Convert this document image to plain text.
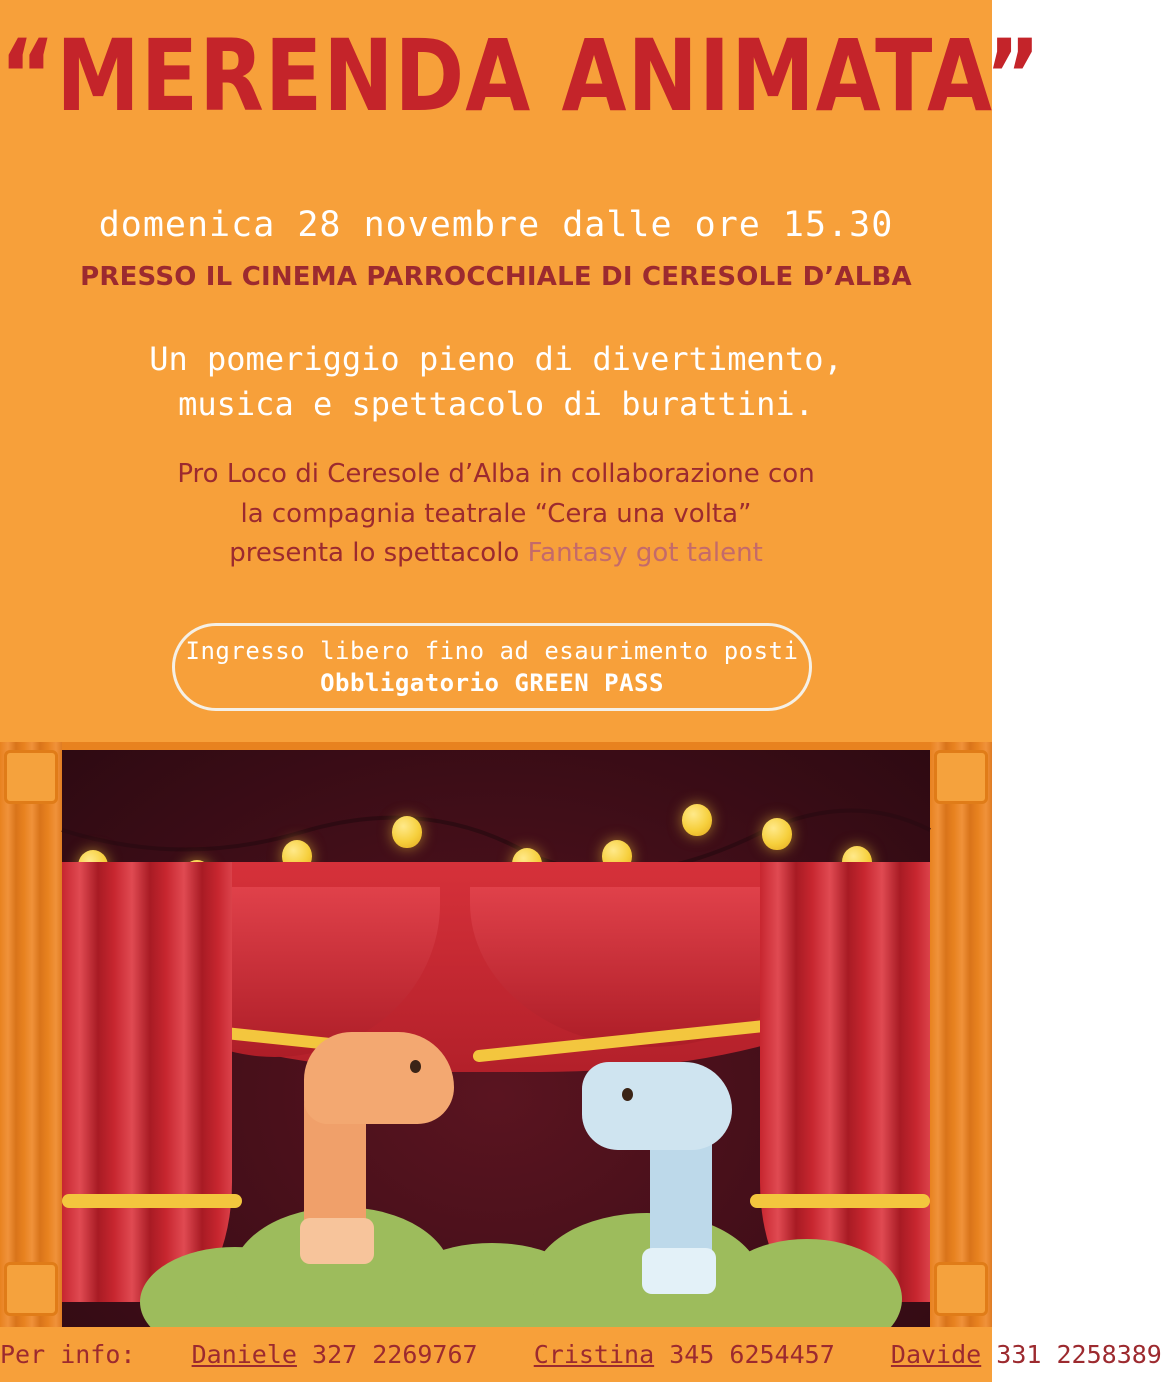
“MERENDA ANIMATA”
domenica 28 novembre dalle ore 15.30
PRESSO IL CINEMA PARROCCHIALE DI CERESOLE D’ALBA
Un pomeriggio pieno di divertimento,
musica e spettacolo di burattini.
Pro Loco di Ceresole d’Alba in collaborazione con
la compagnia teatrale “Cera una volta”
presenta lo spettacolo Fantasy got talent
Ingresso libero fino ad esaurimento posti
Obbligatorio GREEN PASS
Per info: Daniele 327 2269767 Cristina 345 6254457 Davide 331 2258389
